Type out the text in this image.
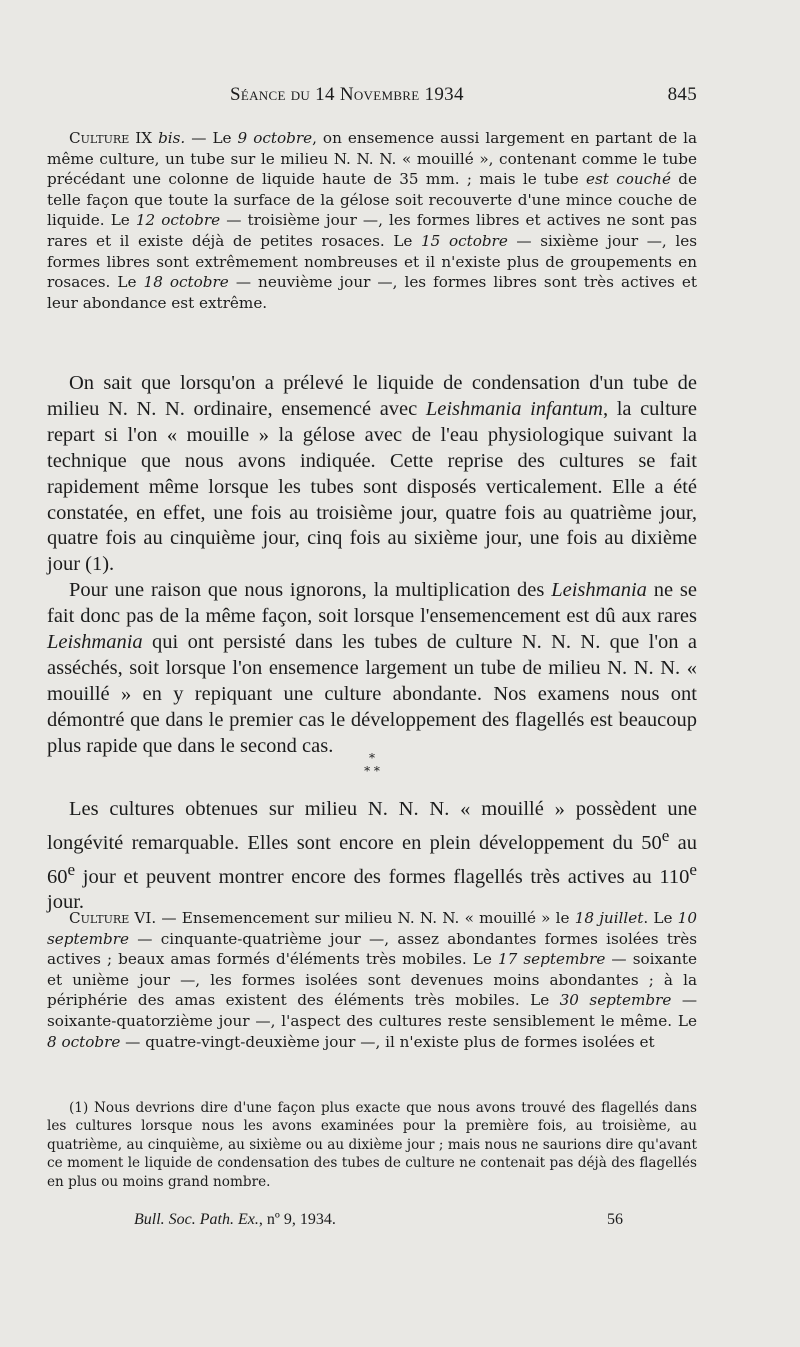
Séance du 14 Novembre 1934	845

Culture IX bis. — Le 9 octobre, on ensemence aussi largement en partant de la même culture, un tube sur le milieu N. N. N. « mouillé », contenant comme le tube précédant une colonne de liquide haute de 35 mm. ; mais le tube est couché de telle façon que toute la surface de la gélose soit recouverte d'une mince couche de liquide. Le 12 octobre — troisième jour —, les formes libres et actives ne sont pas rares et il existe déjà de petites rosaces. Le 15 octobre — sixième jour —, les formes libres sont extrêmement nombreuses et il n'existe plus de groupements en rosaces. Le 18 octobre — neuvième jour —, les formes libres sont très actives et leur abondance est extrême.

On sait que lorsqu'on a prélevé le liquide de condensation d'un tube de milieu N. N. N. ordinaire, ensemencé avec Leishmania infantum, la culture repart si l'on « mouille » la gélose avec de l'eau physiologique suivant la technique que nous avons indiquée. Cette reprise des cultures se fait rapidement même lorsque les tubes sont disposés verticalement. Elle a été constatée, en effet, une fois au troisième jour, quatre fois au quatrième jour, quatre fois au cinquième jour, cinq fois au sixième jour, une fois au dixième jour (1).

Pour une raison que nous ignorons, la multiplication des Leishmania ne se fait donc pas de la même façon, soit lorsque l'ensemencement est dû aux rares Leishmania qui ont persisté dans les tubes de culture N. N. N. que l'on a asséchés, soit lorsque l'on ensemence largement un tube de milieu N. N. N. « mouillé » en y repiquant une culture abondante. Nos examens nous ont démontré que dans le premier cas le développement des flagellés est beaucoup plus rapide que dans le second cas.

*
* *

Les cultures obtenues sur milieu N. N. N. « mouillé » possèdent une longévité remarquable. Elles sont encore en plein développement du 50e au 60e jour et peuvent montrer encore des formes flagellés très actives au 110e jour.

Culture VI. — Ensemencement sur milieu N. N. N. « mouillé » le 18 juillet. Le 10 septembre — cinquante-quatrième jour —, assez abondantes formes isolées très actives ; beaux amas formés d'éléments très mobiles. Le 17 septembre — soixante et unième jour —, les formes isolées sont devenues moins abondantes ; à la périphérie des amas existent des éléments très mobiles. Le 30 septembre — soixante-quatorzième jour —, l'aspect des cultures reste sensiblement le même. Le 8 octobre — quatre-vingt-deuxième jour —, il n'existe plus de formes isolées et

(1) Nous devrions dire d'une façon plus exacte que nous avons trouvé des flagellés dans les cultures lorsque nous les avons examinées pour la première fois, au troisième, au quatrième, au cinquième, au sixième ou au dixième jour ; mais nous ne saurions dire qu'avant ce moment le liquide de condensation des tubes de culture ne contenait pas déjà des flagellés en plus ou moins grand nombre.

Bull. Soc. Path. Ex., nº 9, 1934.	56
